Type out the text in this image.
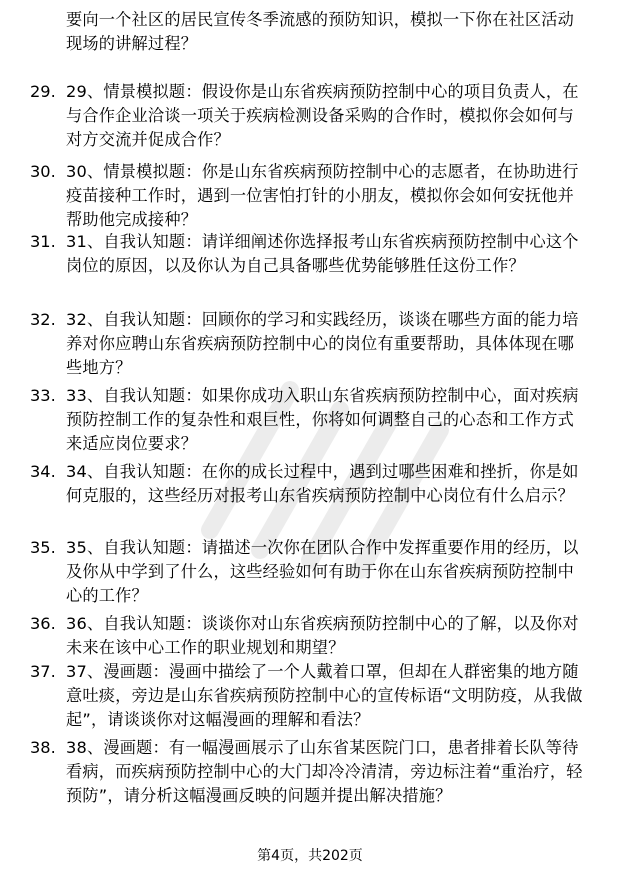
要向一个社区的居民宣传冬季流感的预防知识，模拟一下你在社区活动现场的讲解过程？
29. 29、情景模拟题：假设你是山东省疾病预防控制中心的项目负责人，在与合作企业洽谈一项关于疾病检测设备采购的合作时，模拟你会如何与对方交流并促成合作？
30. 30、情景模拟题：你是山东省疾病预防控制中心的志愿者，在协助进行疫苗接种工作时，遇到一位害怕打针的小朋友，模拟你会如何安抚他并帮助他完成接种？
31. 31、自我认知题：请详细阐述你选择报考山东省疾病预防控制中心这个岗位的原因，以及你认为自己具备哪些优势能够胜任这份工作？
32. 32、自我认知题：回顾你的学习和实践经历，谈谈在哪些方面的能力培养对你应聘山东省疾病预防控制中心的岗位有重要帮助，具体体现在哪些地方？
33. 33、自我认知题：如果你成功入职山东省疾病预防控制中心，面对疾病预防控制工作的复杂性和艰巨性，你将如何调整自己的心态和工作方式来适应岗位要求？
34. 34、自我认知题：在你的成长过程中，遇到过哪些困难和挫折，你是如何克服的，这些经历对报考山东省疾病预防控制中心岗位有什么启示？
35. 35、自我认知题：请描述一次你在团队合作中发挥重要作用的经历，以及你从中学到了什么，这些经验如何有助于你在山东省疾病预防控制中心的工作？
36. 36、自我认知题：谈谈你对山东省疾病预防控制中心的了解，以及你对未来在该中心工作的职业规划和期望？
37. 37、漫画题：漫画中描绘了一个人戴着口罩，但却在人群密集的地方随意吐痰，旁边是山东省疾病预防控制中心的宣传标语“文明防疫，从我做起”，请谈谈你对这幅漫画的理解和看法？
38. 38、漫画题：有一幅漫画展示了山东省某医院门口，患者排着长队等待看病，而疾病预防控制中心的大门却冷冷清清，旁边标注着“重治疗，轻预防”，请分析这幅漫画反映的问题并提出解决措施？
第4页，共202页
